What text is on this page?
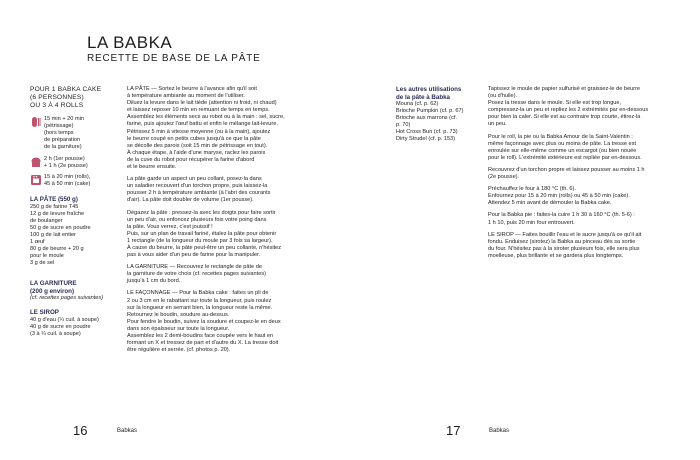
LA BABKA
RECETTE DE BASE DE LA PÂTE
POUR 1 BABKA CAKE
(6 PERSONNES)
OU 3 À 4 ROLLS
15 min + 20 min
(pétrissage)
(hors temps
de préparation
de la garniture)
2 h (1er pousse)
+ 1 h (2e pousse)
15 à 20 min (rolls),
45 à 50 min (cake)
LA PÂTE (550 g)
250 g de farine T45
12 g de levure fraîche
de boulanger
50 g de sucre en poudre
100 g de lait entier
1 œuf
80 g de beurre + 20 g
pour le moule
3 g de sel
LA GARNITURE
(200 g environ)
(cf. recettes pages suivantes)
LE SIROP
40 g d'eau (¼ cuil. à soupe)
40 g de sucre en poudre
(3 à ¼ cuil. à soupe)
LA PÂTE — Sortez le beurre à l'avance afin qu'il soit
à température ambiante au moment de l'utiliser.
Diluez la levure dans le lait tiède (attention ni froid, ni chaud)
et laissez reposer 10 min en remuant de temps en temps.
Assemblez les éléments secs au robot ou à la main : sel, sucre,
farine, puis ajoutez l'œuf battu et enfin le mélange lait-levure.
Pétrissez 5 min à vitesse moyenne (ou à la main), ajoutez
le beurre coupé en petits cubes jusqu'à ce que la pâte
se décolle des parois (soit 15 min de pétrissage en tout).
À chaque étape, à l'aide d'une maryse, raclez les parois
de la cuve du robot pour récupérer la farine d'abord
et le beurre ensuite.
La pâte garde un aspect un peu collant, posez-la dans
un saladier recouvert d'un torchon propre, puis laissez-la
pousser 2 h à température ambiante (à l'abri des courants
d'air). La pâte doit doubler de volume (1er pousse).
Dégazez la pâte : pressez-la avec les doigts pour faire sortir
un peu d'air, ou enfoncez plusieurs fois votre poing dans
la pâte. Vous verrez, c'est jouissif !
Puis, sur un plan de travail fariné, étalez la pâte pour obtenir
1 rectangle (de la longueur du moule par 3 fois sa largeur).
À cause du beurre, la pâte peut-être un peu collante, n'hésitez
pas à vous aider d'un peu de farine pour la manipuler.
LA GARNITURE — Recouvrez le rectangle de pâte de
la garniture de votre choix (cf. recettes pages suivantes)
jusqu'à 1 cm du bord.
LE FAÇONNAGE — Pour la Babka cake : faites un pli de
2 ou 3 cm en le rabattant sur toute la longueur, puis roulez
sur la longueur en serrant bien, la longueur reste la même.
Retournez le boudin, soudure au-dessus.
Pour fendre le boudin, suivez la soudure et coupez-le en deux
dans son épaisseur sur toute la longueur.
Assemblez les 2 demi-boudins face coupée vers le haut en
formant un X et tressez de part et d'autre du X. La tresse doit
être régulière et serrée. (cf. photos p. 20).
Les autres utilisations
de la pâte à Babka
Mouna (cf. p. 62)
Brioche Pumpkin (cf. p. 67)
Brioche aux marrons (cf.
p. 70)
Hot Cross Bun (cf. p. 73)
Dirty Strudel (cf. p. 153)
Tapissez le moule de papier sulfurisé et graissez-le de beurre
(ou d'huile).
Posez la tresse dans le moule. Si elle est trop longue,
compressez-la un peu et repliez les 2 extrémités par en-dessous
pour bien la caler. Si elle est au contraire trop courte, étirez-la
un peu.
Pour le roll, la pie ou la Babka Amour de la Saint-Valentin :
même façonnage avec plus ou moins de pâte. La tresse est
enroulée sur elle-même comme un escargot (ou bien nouée
pour le roll). L'extrémité extérieure est repliée par en-dessous.
Recouvrez d'un torchon propre et laissez pousser au moins 1 h
(2e pousse).
Préchauffez le four à 180 °C (th. 6).
Enfournez pour 15 à 20 min (rolls) ou 45 à 50 min (cake).
Attendez 5 min avant de démouler la Babka cake.
Pour la Babka pie : faites-la cuire 1 h 30 à 160 °C (th. 5-6) :
1 h 10, puis 20 min four entrouvert.
LE SIROP — Faites bouillir l'eau et le sucre jusqu'à ce qu'il ait
fondu. Enduisez (sirotez) la Babka au pinceau dès sa sortie
du four. N'hésitez pas à la siroter plusieurs fois, elle sera plus
moelleuse, plus brillante et se gardera plus longtemps.
16	Babkas	17	Babkas
